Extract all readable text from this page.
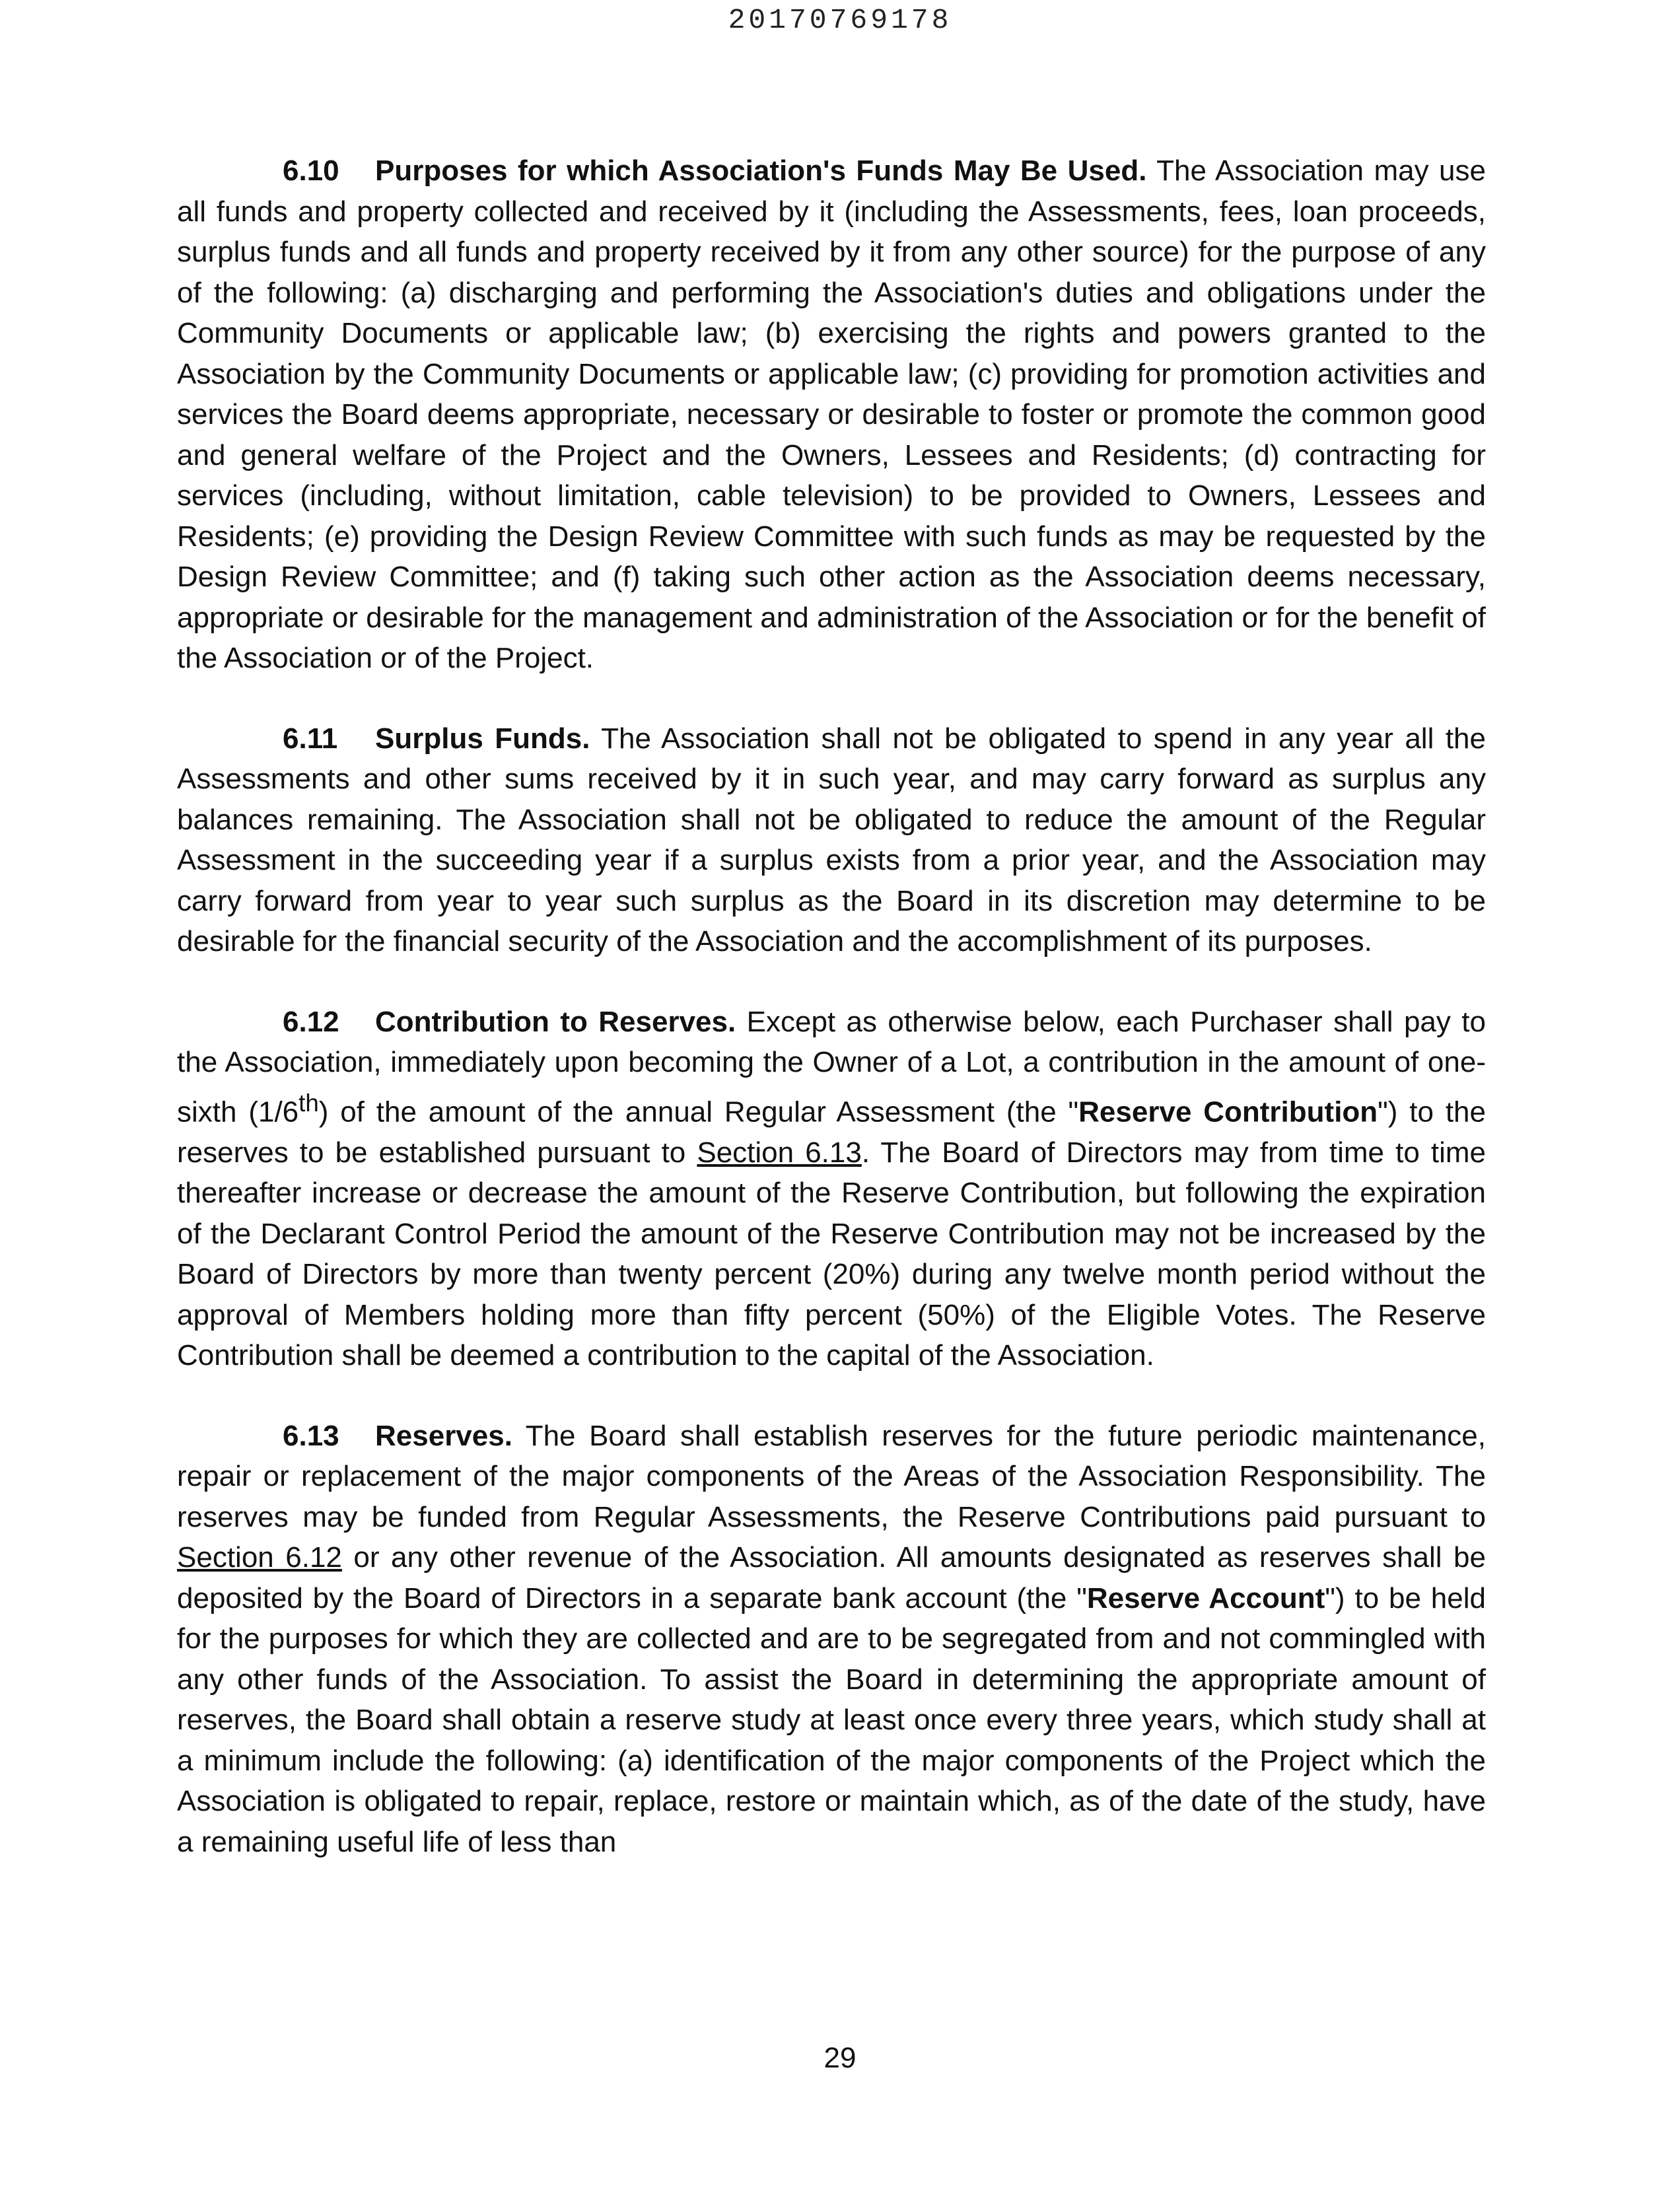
20170769178

6.10 Purposes for which Association's Funds May Be Used. The Association may use all funds and property collected and received by it (including the Assessments, fees, loan proceeds, surplus funds and all funds and property received by it from any other source) for the purpose of any of the following: (a) discharging and performing the Association's duties and obligations under the Community Documents or applicable law; (b) exercising the rights and powers granted to the Association by the Community Documents or applicable law; (c) providing for promotion activities and services the Board deems appropriate, necessary or desirable to foster or promote the common good and general welfare of the Project and the Owners, Lessees and Residents; (d) contracting for services (including, without limitation, cable television) to be provided to Owners, Lessees and Residents; (e) providing the Design Review Committee with such funds as may be requested by the Design Review Committee; and (f) taking such other action as the Association deems necessary, appropriate or desirable for the management and administration of the Association or for the benefit of the Association or of the Project.

6.11 Surplus Funds. The Association shall not be obligated to spend in any year all the Assessments and other sums received by it in such year, and may carry forward as surplus any balances remaining. The Association shall not be obligated to reduce the amount of the Regular Assessment in the succeeding year if a surplus exists from a prior year, and the Association may carry forward from year to year such surplus as the Board in its discretion may determine to be desirable for the financial security of the Association and the accomplishment of its purposes.

6.12 Contribution to Reserves. Except as otherwise below, each Purchaser shall pay to the Association, immediately upon becoming the Owner of a Lot, a contribution in the amount of one-sixth (1/6th) of the amount of the annual Regular Assessment (the "Reserve Contribution") to the reserves to be established pursuant to Section 6.13. The Board of Directors may from time to time thereafter increase or decrease the amount of the Reserve Contribution, but following the expiration of the Declarant Control Period the amount of the Reserve Contribution may not be increased by the Board of Directors by more than twenty percent (20%) during any twelve month period without the approval of Members holding more than fifty percent (50%) of the Eligible Votes. The Reserve Contribution shall be deemed a contribution to the capital of the Association.

6.13 Reserves. The Board shall establish reserves for the future periodic maintenance, repair or replacement of the major components of the Areas of the Association Responsibility. The reserves may be funded from Regular Assessments, the Reserve Contributions paid pursuant to Section 6.12 or any other revenue of the Association. All amounts designated as reserves shall be deposited by the Board of Directors in a separate bank account (the "Reserve Account") to be held for the purposes for which they are collected and are to be segregated from and not commingled with any other funds of the Association. To assist the Board in determining the appropriate amount of reserves, the Board shall obtain a reserve study at least once every three years, which study shall at a minimum include the following: (a) identification of the major components of the Project which the Association is obligated to repair, replace, restore or maintain which, as of the date of the study, have a remaining useful life of less than

29
